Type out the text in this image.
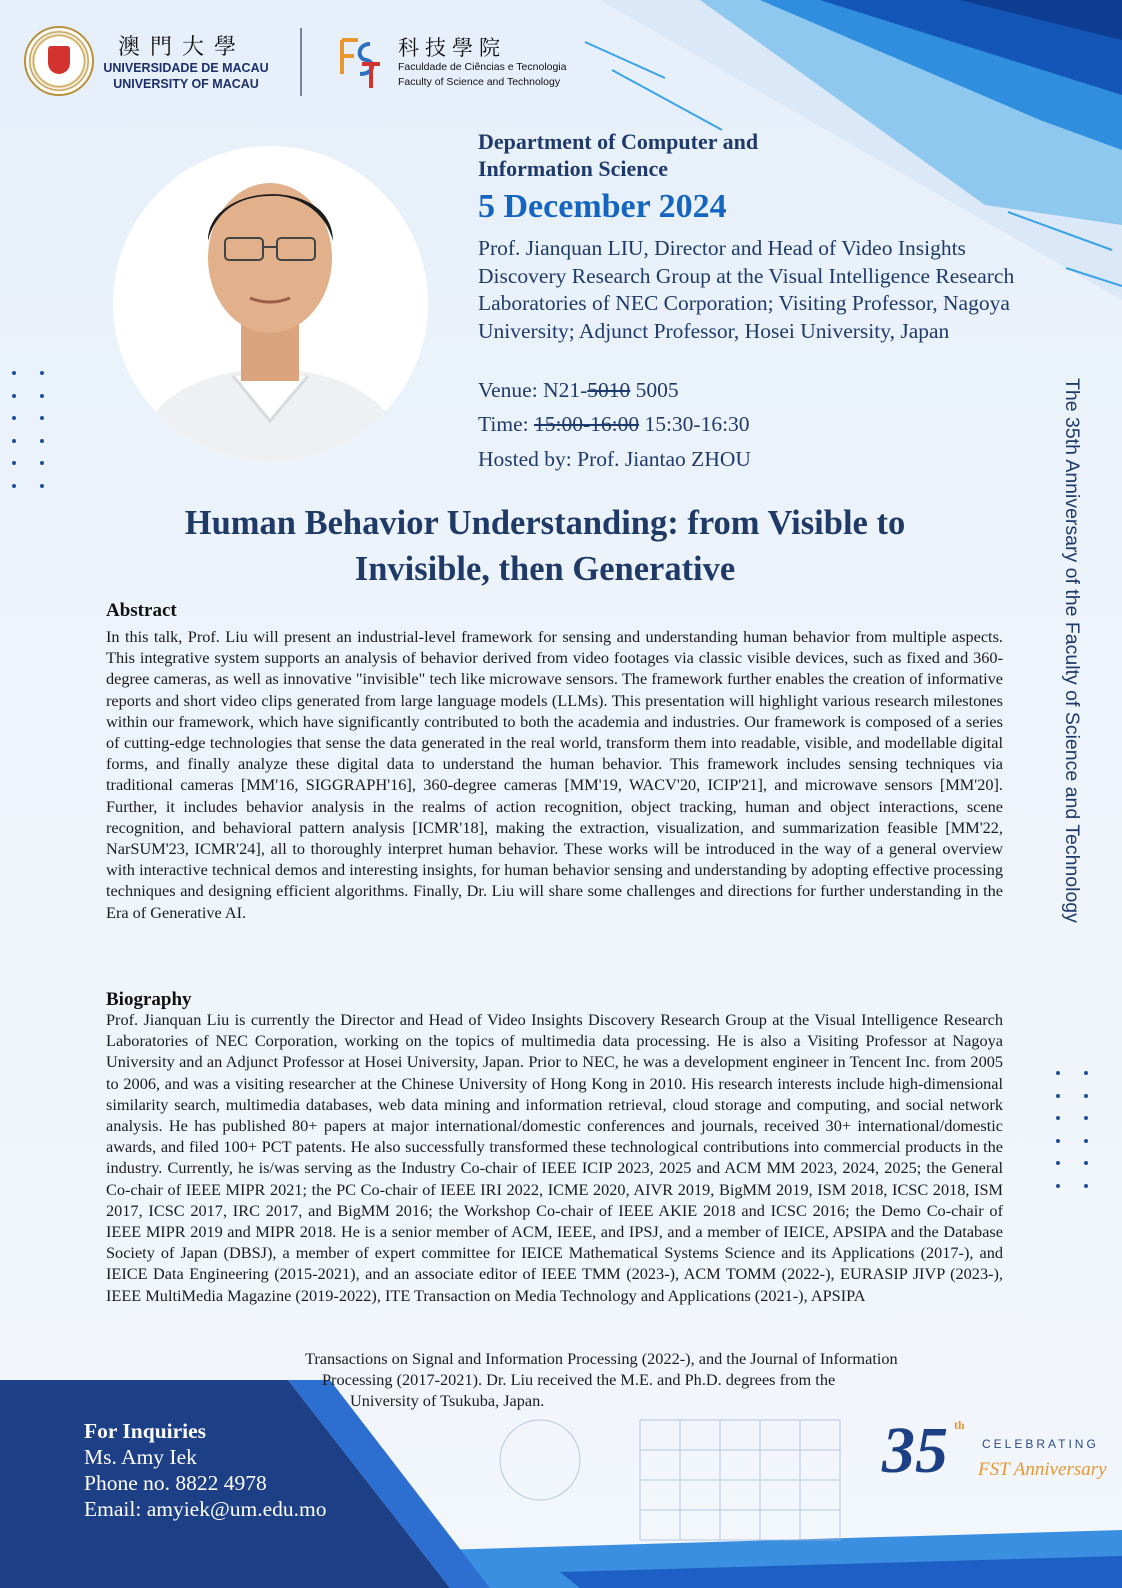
澳門大學
UNIVERSIDADE DE MACAU
UNIVERSITY OF MACAU
科技學院
Faculdade de Ciências e Tecnologia
Faculty of Science and Technology
Department of Computer and
Information Science
5 December 2024
Prof. Jianquan LIU, Director and Head of Video Insights Discovery Research Group at the Visual Intelligence Research Laboratories of NEC Corporation; Visiting Professor, Nagoya University; Adjunct Professor, Hosei University, Japan
Venue: N21-5010 5005
Time: 15:00-16:00 15:30-16:30
Hosted by: Prof. Jiantao ZHOU	The 35th Anniversary of the Faculty of Science and Technology
Human Behavior Understanding: from Visible to
Invisible, then Generative
Abstract
In this talk, Prof. Liu will present an industrial-level framework for sensing and understanding human behavior from multiple aspects. This integrative system supports an analysis of behavior derived from video footages via classic visible devices, such as fixed and 360-degree cameras, as well as innovative "invisible" tech like microwave sensors. The framework further enables the creation of informative reports and short video clips generated from large language models (LLMs). This presentation will highlight various research milestones within our framework, which have significantly contributed to both the academia and industries. Our framework is composed of a series of cutting-edge technologies that sense the data generated in the real world, transform them into readable, visible, and modellable digital forms, and finally analyze these digital data to understand the human behavior. This framework includes sensing techniques via traditional cameras [MM'16, SIGGRAPH'16], 360-degree cameras [MM'19, WACV'20, ICIP'21], and microwave sensors [MM'20]. Further, it includes behavior analysis in the realms of action recognition, object tracking, human and object interactions, scene recognition, and behavioral pattern analysis [ICMR'18], making the extraction, visualization, and summarization feasible [MM'22, NarSUM'23, ICMR'24], all to thoroughly interpret human behavior. These works will be introduced in the way of a general overview with interactive technical demos and interesting insights, for human behavior sensing and understanding by adopting effective processing techniques and designing efficient algorithms. Finally, Dr. Liu will share some challenges and directions for further understanding in the Era of Generative AI.
Biography
Prof. Jianquan Liu is currently the Director and Head of Video Insights Discovery Research Group at the Visual Intelligence Research Laboratories of NEC Corporation, working on the topics of multimedia data processing. He is also a Visiting Professor at Nagoya University and an Adjunct Professor at Hosei University, Japan. Prior to NEC, he was a development engineer in Tencent Inc. from 2005 to 2006, and was a visiting researcher at the Chinese University of Hong Kong in 2010. His research interests include high-dimensional similarity search, multimedia databases, web data mining and information retrieval, cloud storage and computing, and social network analysis. He has published 80+ papers at major international/domestic conferences and journals, received 30+ international/domestic awards, and filed 100+ PCT patents. He also successfully transformed these technological contributions into commercial products in the industry. Currently, he is/was serving as the Industry Co-chair of IEEE ICIP 2023, 2025 and ACM MM 2023, 2024, 2025; the General Co-chair of IEEE MIPR 2021; the PC Co-chair of IEEE IRI 2022, ICME 2020, AIVR 2019, BigMM 2019, ISM 2018, ICSC 2018, ISM 2017, ICSC 2017, IRC 2017, and BigMM 2016; the Workshop Co-chair of IEEE AKIE 2018 and ICSC 2016; the Demo Co-chair of IEEE MIPR 2019 and MIPR 2018. He is a senior member of ACM, IEEE, and IPSJ, and a member of IEICE, APSIPA and the Database Society of Japan (DBSJ), a member of expert committee for IEICE Mathematical Systems Science and its Applications (2017-), and IEICE Data Engineering (2015-2021), and an associate editor of IEEE TMM (2023-), ACM TOMM (2022-), EURASIP JIVP (2023-), IEEE MultiMedia Magazine (2019-2022), ITE Transaction on Media Technology and Applications (2021-), APSIPA
Transactions on Signal and Information Processing (2022-), and the Journal of Information
Processing (2017-2021). Dr. Liu received the M.E. and Ph.D. degrees from the
University of Tsukuba, Japan.
For Inquiries
Ms. Amy Iek
Phone no. 8822 4978
Email: amyiek@um.edu.mo
35 th
CELEBRATING
FST Anniversary
